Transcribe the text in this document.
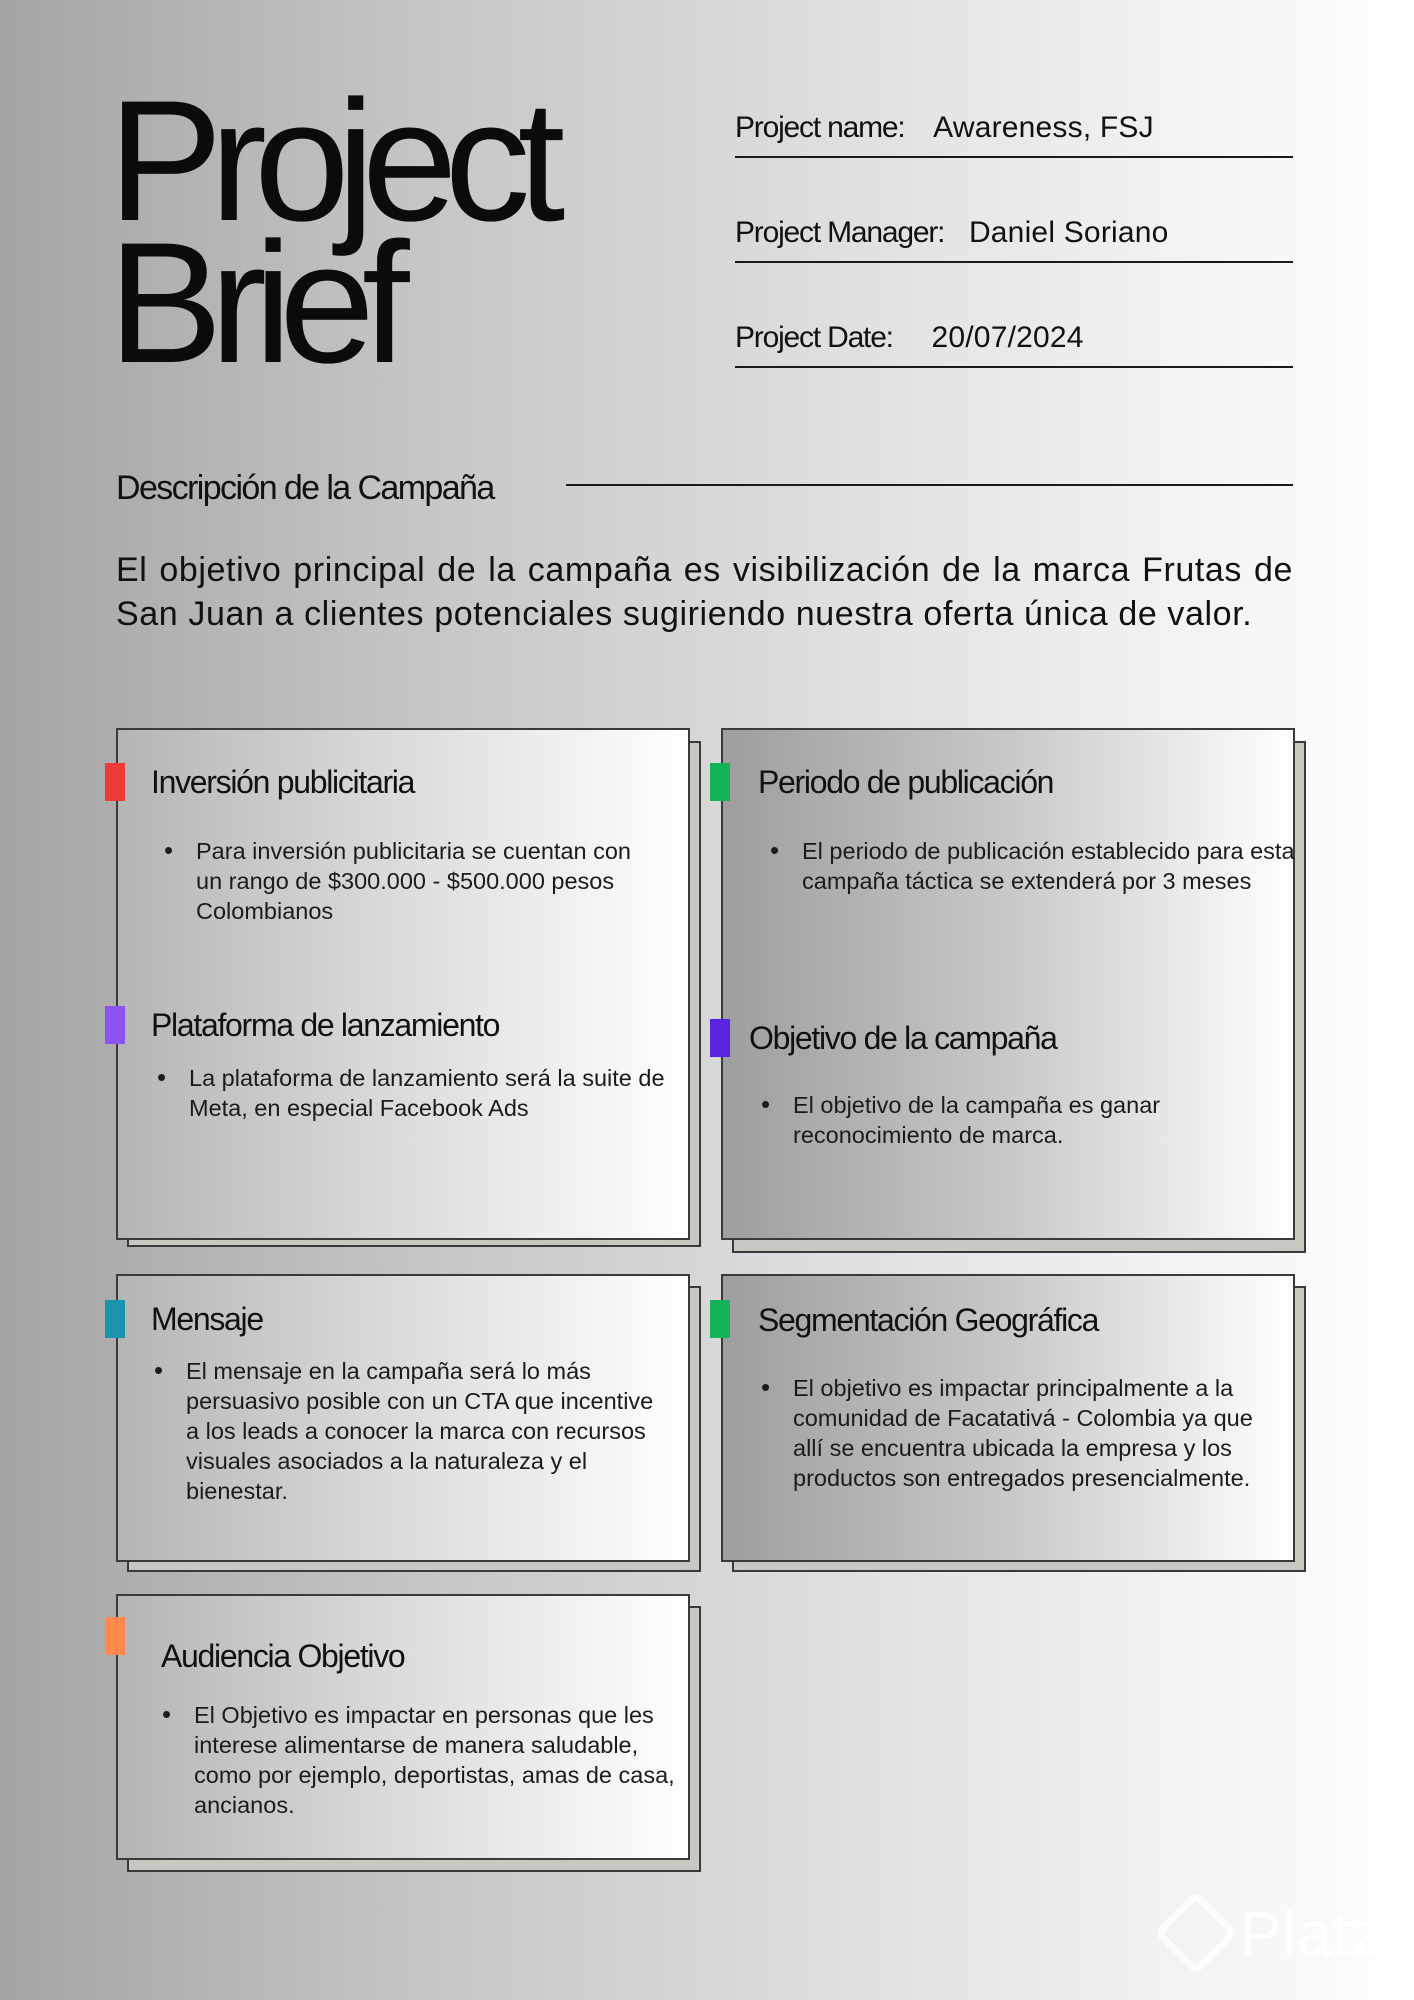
Project
Brief
Project name: Awareness, FSJ
Project Manager: Daniel Soriano
Project Date: 20/07/2024
Descripción de la Campaña

El objetivo principal de la campaña es visibilización de la marca Frutas de San Juan a clientes potenciales sugiriendo nuestra oferta única de valor.

Inversión publicitaria

• Para inversión publicitaria se cuentan con un rango de $300.000 - $500.000 pesos Colombianos

Plataforma de lanzamiento

• La plataforma de lanzamiento será la suite de Meta, en especial Facebook Ads

Periodo de publicación

• El periodo de publicación establecido para esta campaña táctica se extenderá por 3 meses

Objetivo de la campaña

• El objetivo de la campaña es ganar reconocimiento de marca.

Mensaje

• El mensaje en la campaña será lo más persuasivo posible con un CTA que incentive a los leads a conocer la marca con recursos visuales asociados a la naturaleza y el bienestar.

Segmentación Geográfica

• El objetivo es impactar principalmente a la comunidad de Facatativá - Colombia ya que allí se encuentra ubicada la empresa y los productos son entregados presencialmente.

Audiencia Objetivo

• El Objetivo es impactar en personas que les interese alimentarse de manera saludable, como por ejemplo, deportistas, amas de casa, ancianos.

Platzi
